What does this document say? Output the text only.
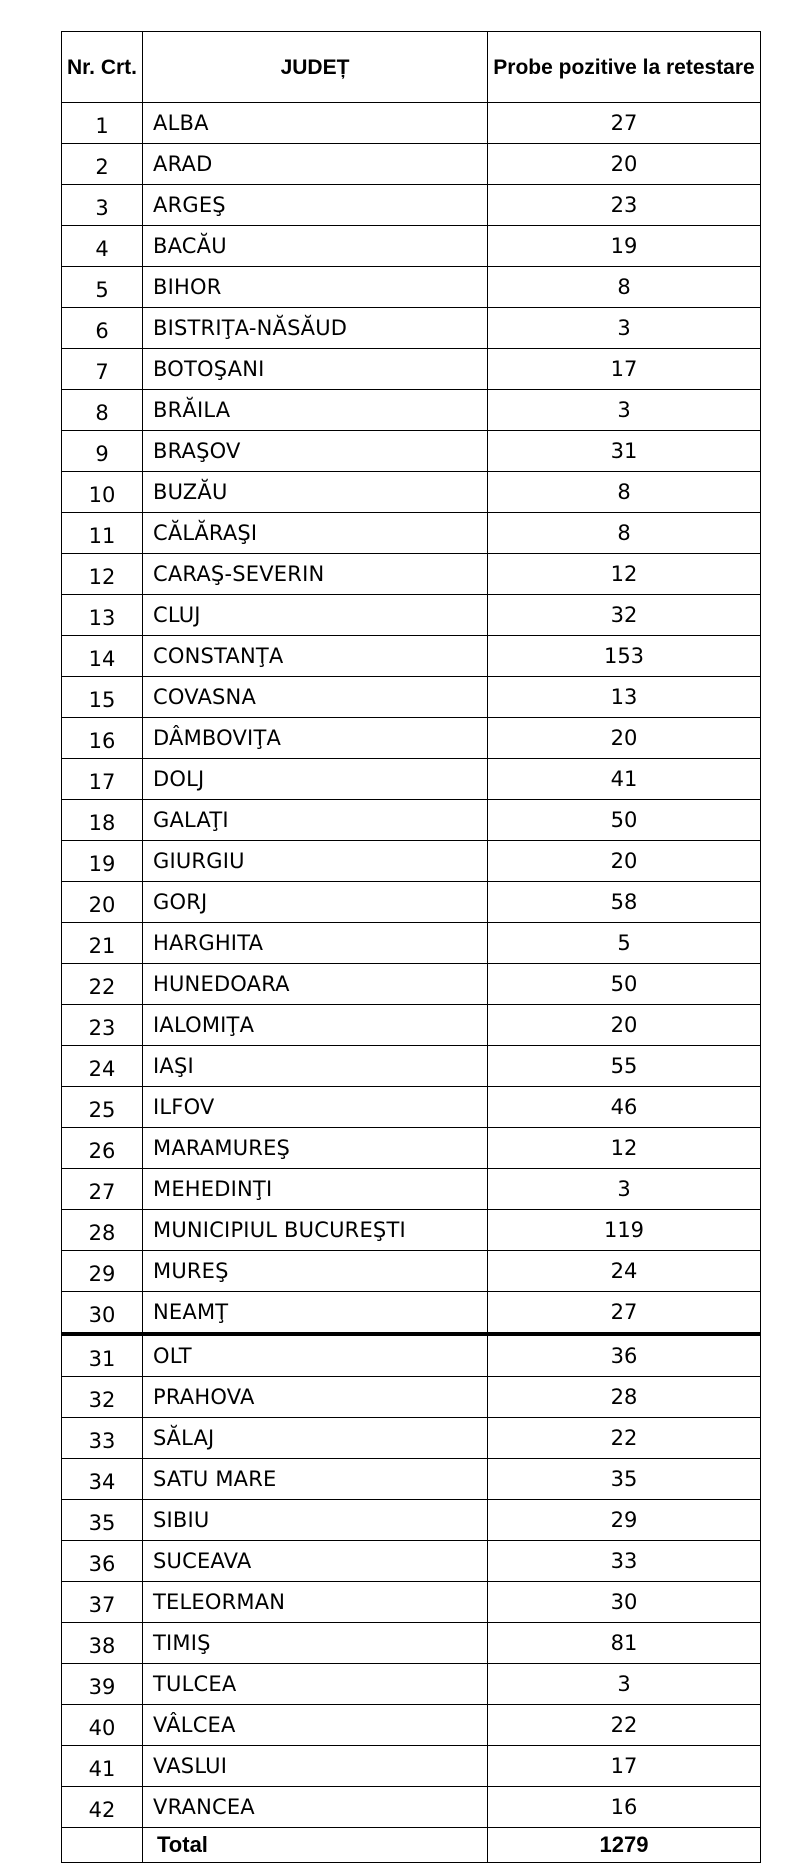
Nr. Crt.	JUDEȚ	Probe pozitive la retestare
1	ALBA	27
2	ARAD	20
3	ARGEŞ	23
4	BACĂU	19
5	BIHOR	8
6	BISTRIŢA-NĂSĂUD	3
7	BOTOŞANI	17
8	BRĂILA	3
9	BRAŞOV	31
10	BUZĂU	8
11	CĂLĂRAŞI	8
12	CARAŞ-SEVERIN	12
13	CLUJ	32
14	CONSTANŢA	153
15	COVASNA	13
16	DÂMBOVIŢA	20
17	DOLJ	41
18	GALAŢI	50
19	GIURGIU	20
20	GORJ	58
21	HARGHITA	5
22	HUNEDOARA	50
23	IALOMIŢA	20
24	IAŞI	55
25	ILFOV	46
26	MARAMUREŞ	12
27	MEHEDINŢI	3
28	MUNICIPIUL BUCUREŞTI	119
29	MUREŞ	24
30	NEAMŢ	27
31	OLT	36
32	PRAHOVA	28
33	SĂLAJ	22
34	SATU MARE	35
35	SIBIU	29
36	SUCEAVA	33
37	TELEORMAN	30
38	TIMIŞ	81
39	TULCEA	3
40	VÂLCEA	22
41	VASLUI	17
42	VRANCEA	16
	Total	1279
